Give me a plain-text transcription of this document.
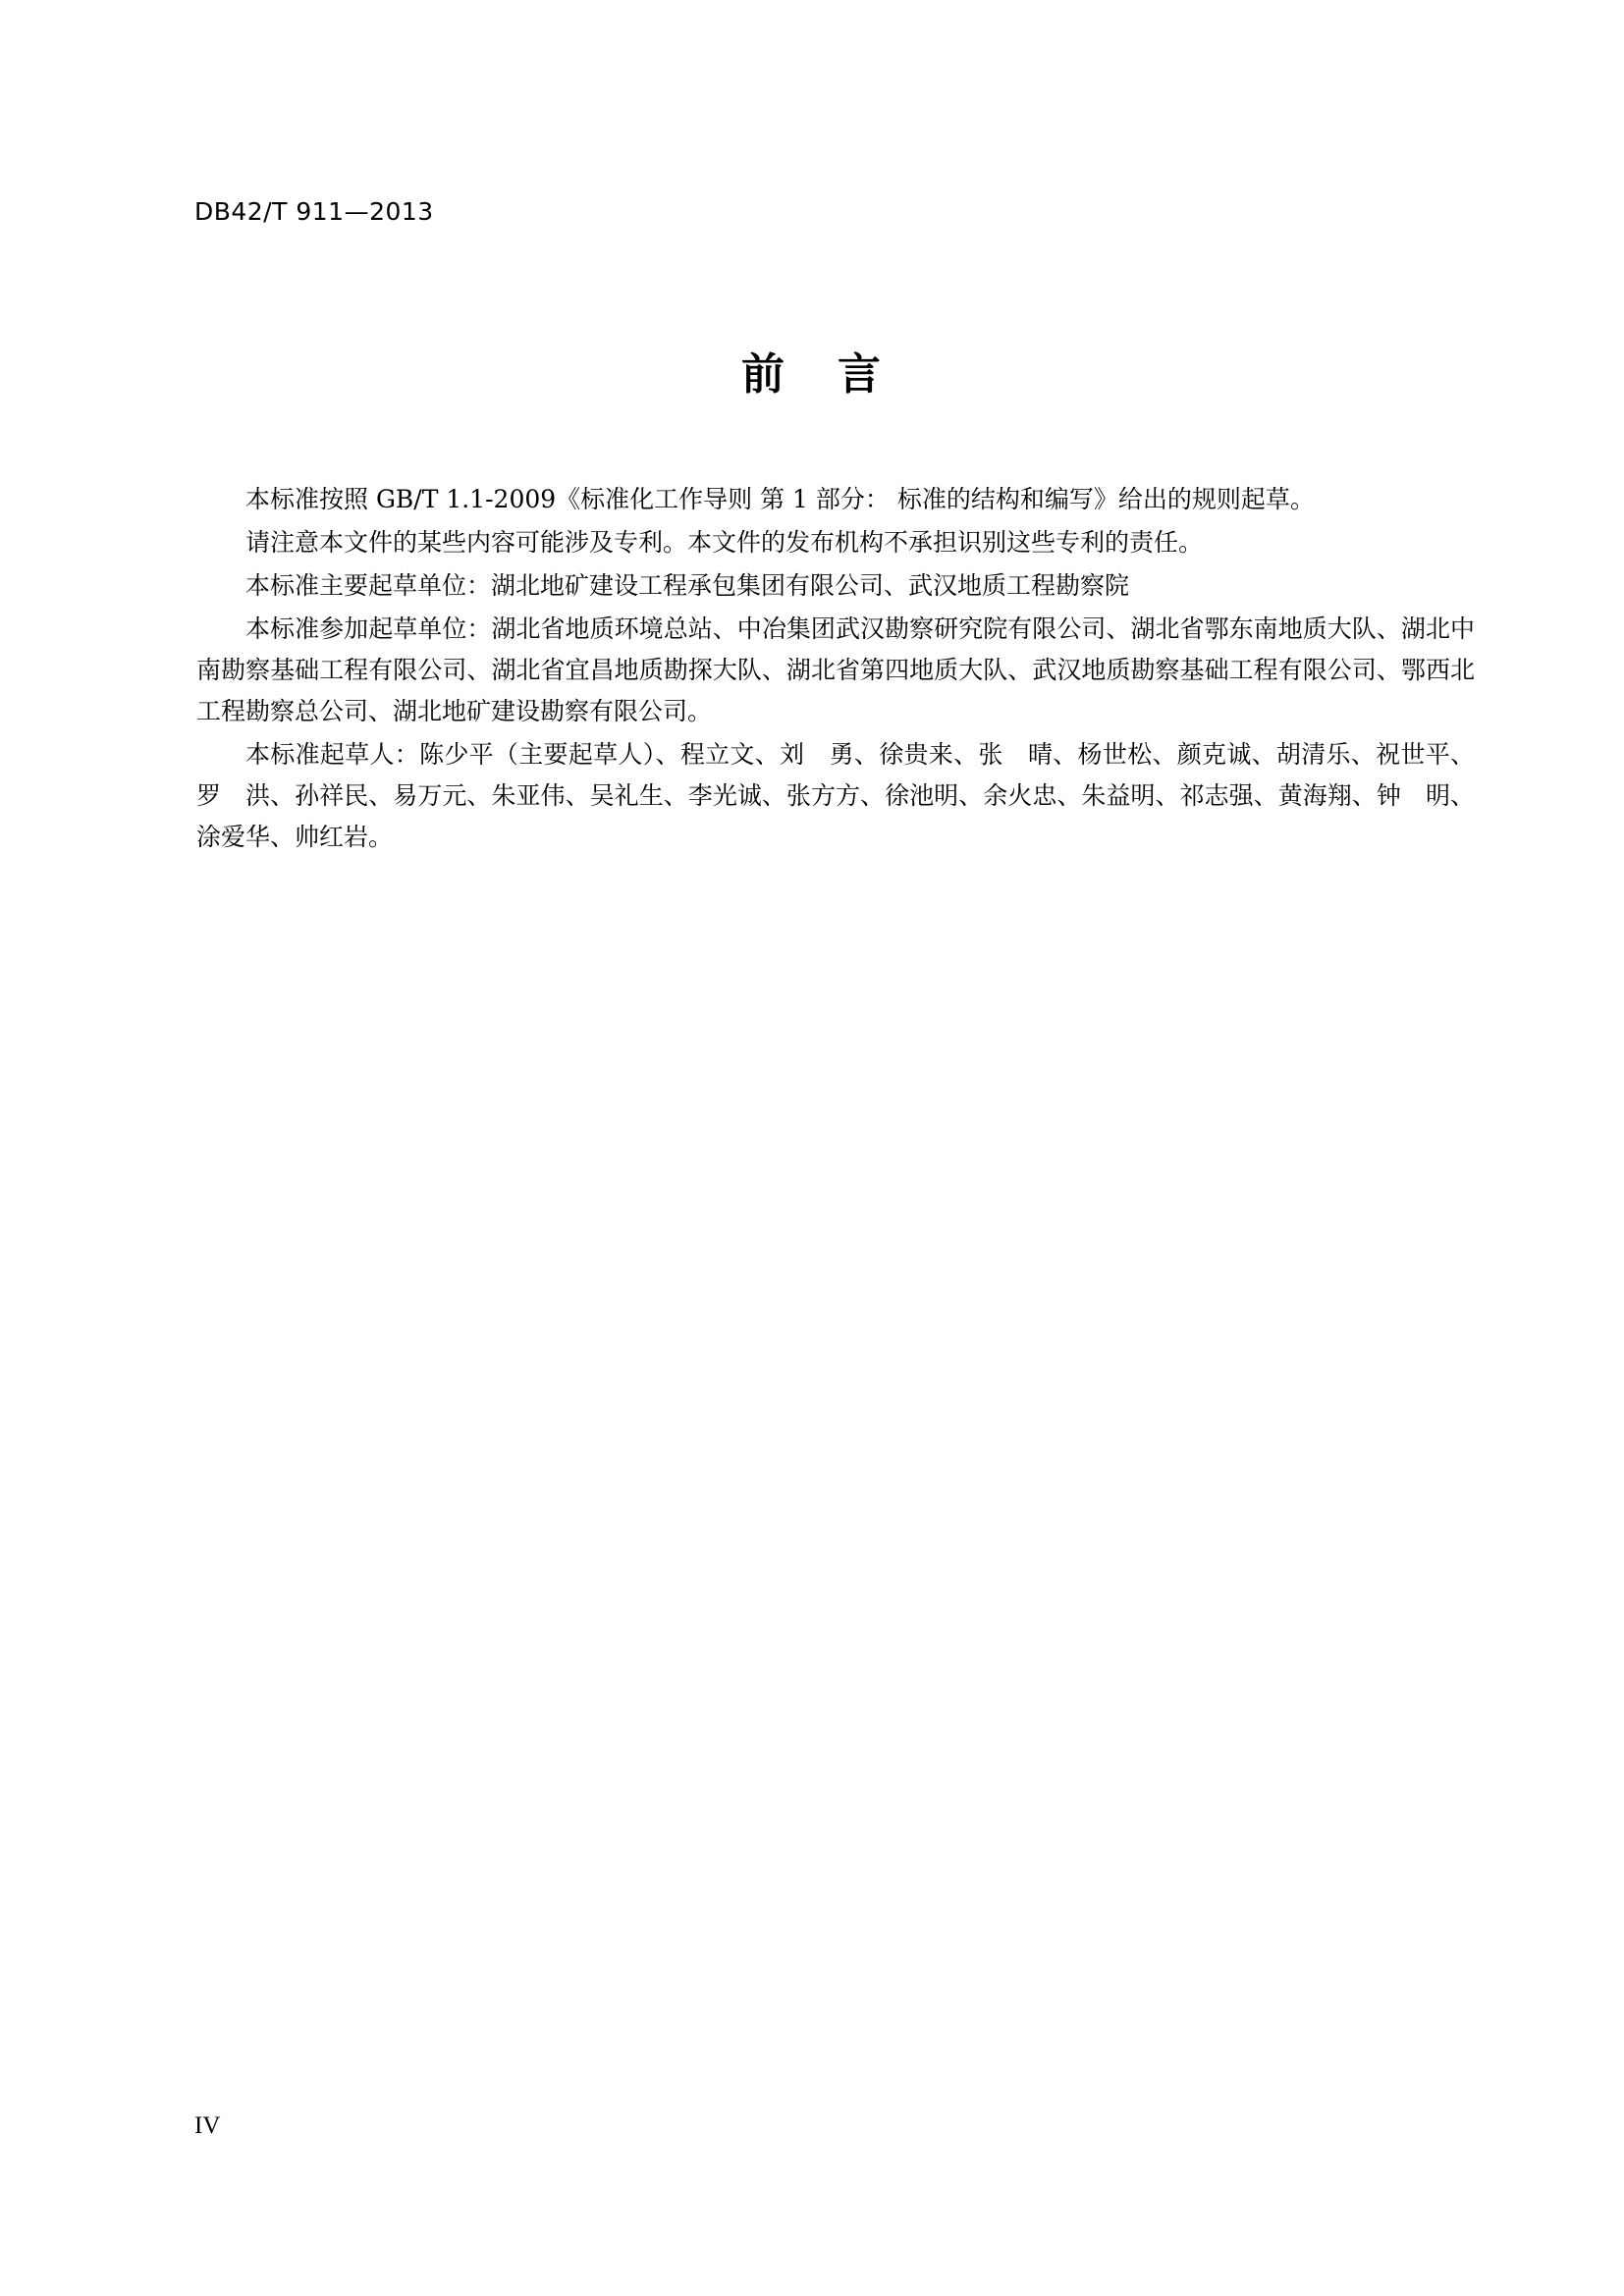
DB42/T 911—2013
前   言

本标准按照 GB/T 1.1-2009《标准化工作导则 第 1 部分： 标准的结构和编写》给出的规则起草。

请注意本文件的某些内容可能涉及专利。本文件的发布机构不承担识别这些专利的责任。

本标准主要起草单位：湖北地矿建设工程承包集团有限公司、武汉地质工程勘察院

本标准参加起草单位：湖北省地质环境总站、中冶集团武汉勘察研究院有限公司、湖北省鄂东南地质大队、湖北中南勘察基础工程有限公司、湖北省宜昌地质勘探大队、湖北省第四地质大队、武汉地质勘察基础工程有限公司、鄂西北工程勘察总公司、湖北地矿建设勘察有限公司。

本标准起草人：陈少平（主要起草人）、程立文、刘　勇、徐贵来、张　晴、杨世松、颜克诚、胡清乐、祝世平、罗　洪、孙祥民、易万元、朱亚伟、吴礼生、李光诚、张方方、徐池明、余火忠、朱益明、祁志强、黄海翔、钟　明、涂爱华、帅红岩。

IV
